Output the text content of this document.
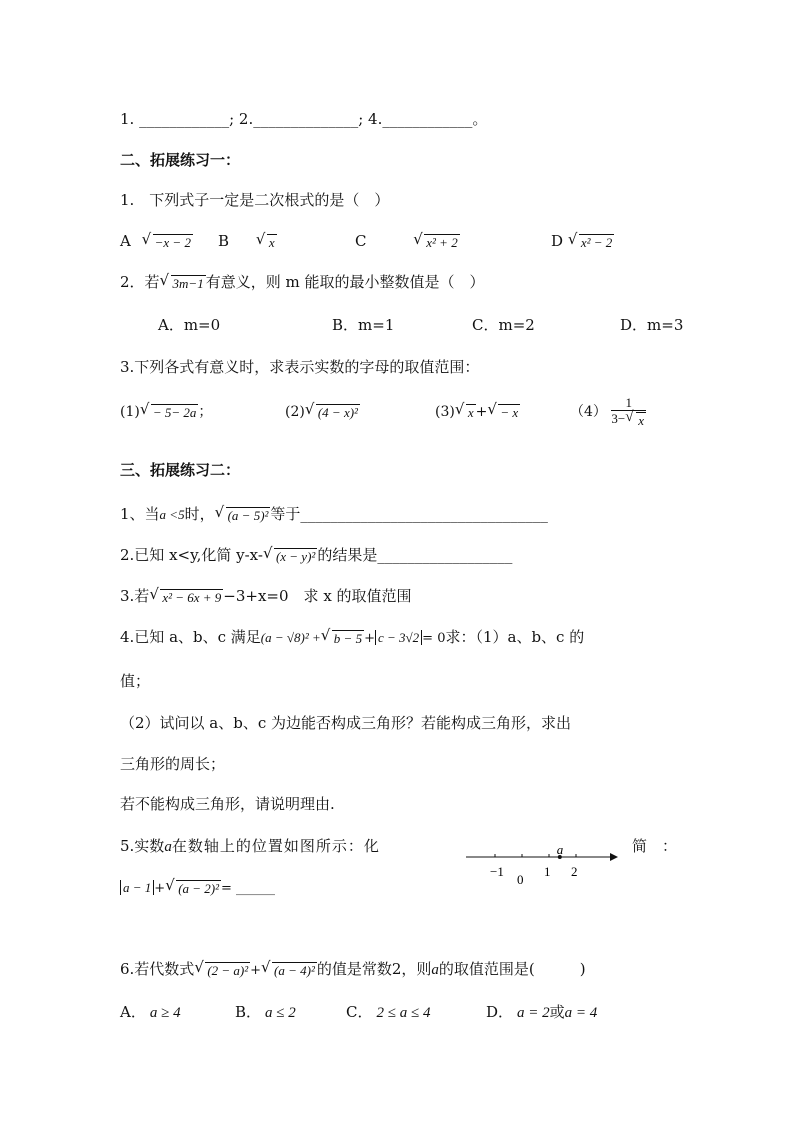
1. ____________; 2.______________; 4.____________。
二、拓展练习一：
1.　下列式子一定是二次根式的是（　）
A √ −x − 2 B	√ x	C	√ x² + 2	D √ x² − 2
2．若 √ 3m−1 有意义，则 m 能取的最小整数值是（　）
A．m=0	B．m=1	C．m=2	D．m=3
3.下列各式有意义时，求表示实数的字母的取值范围：
(1) √ − 5− 2a ；	(2) √ (4 − x)²	(3) √ x + √ − x	$(4) \frac{1}{3- √ x}$
三、拓展练习二：
1、当a <5时， √ (a − 5)² 等于_________________________________
2.已知 x<y,化简 y-x- √ (x − y)² 的结果是__________________
3.若 √ x² − 6x + 9 −3+x=0　求 x 的取值范围
4.已知 a、b、c 满足(a − √8)² + √ b − 5 + c − 3√2 = 0求：（1）a、b、c 的
值；
（2）试问以 a、b、c 为边能否构成三角形？若能构成三角形，求出
三角形的周长；
若不能构成三角形，请说明理由.
5.实数a在数轴上的位置如图所示：化	简　：
−1
0
1 2
a
a − 1 + √ (a − 2)² = ______
6.若代数式 √ (2 − a)² + √ (a − 4)² 的值是常数2，则a的取值范围是(　　　)
A． a ≥ 4	B． a ≤ 2	C． 2 ≤ a ≤ 4	D． a = 2或a = 4
